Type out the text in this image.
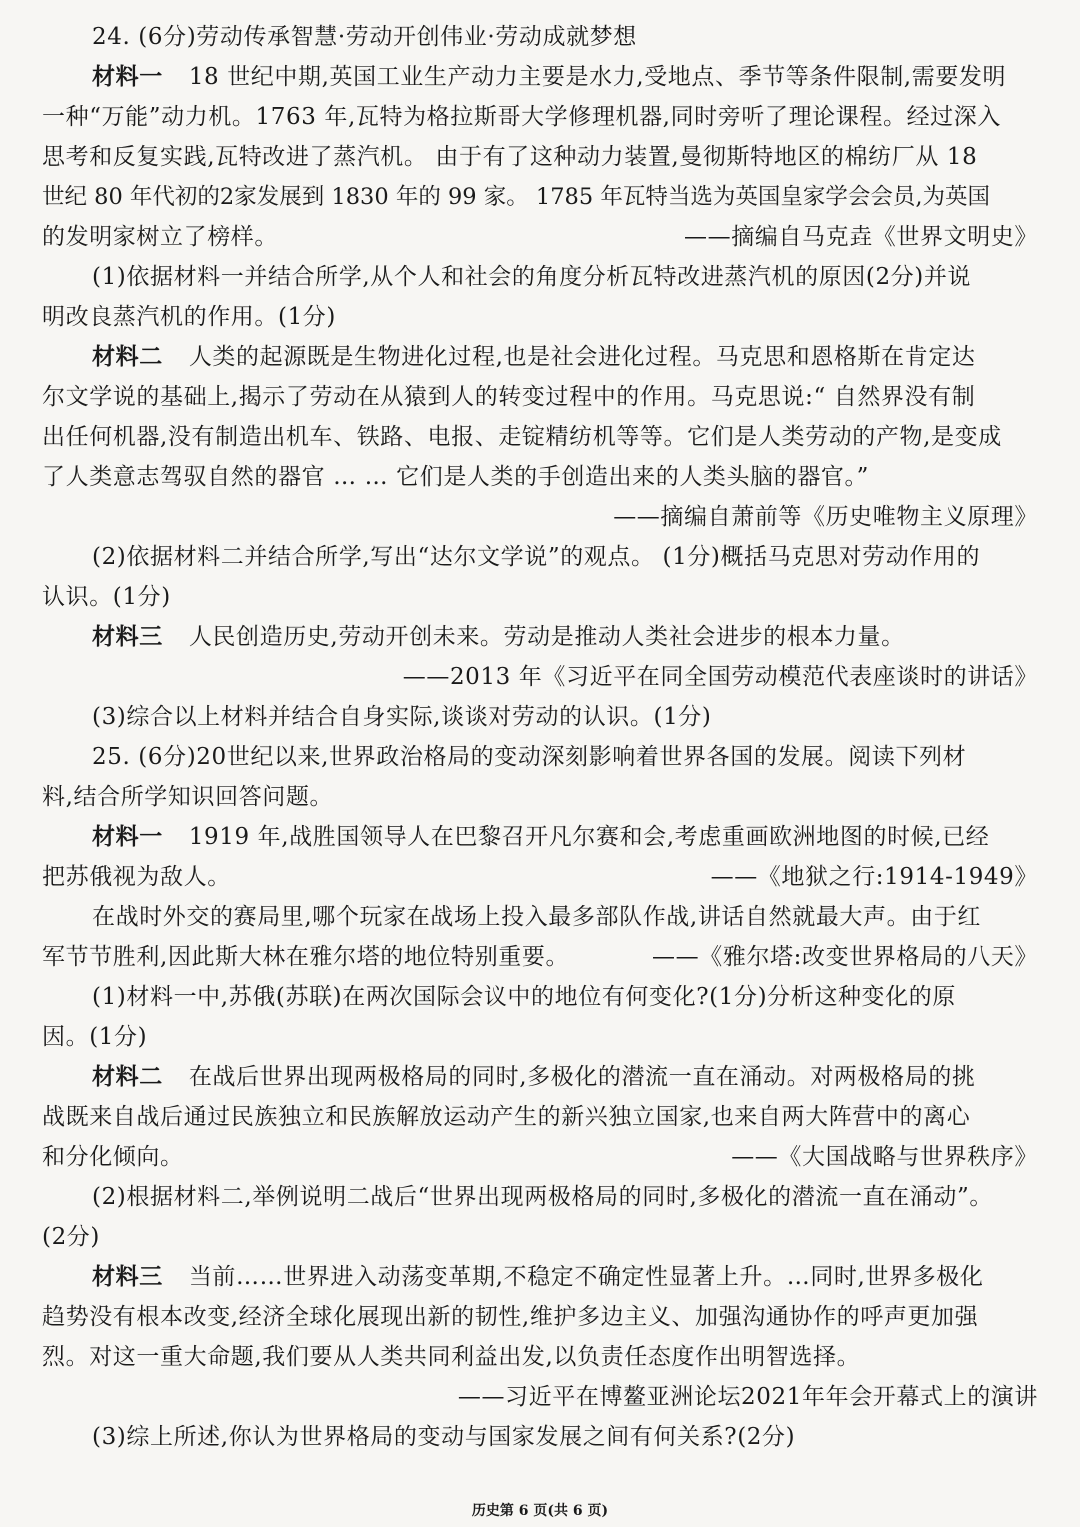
24. (6分)劳动传承智慧·劳动开创伟业·劳动成就梦想
材料一 18 世纪中期,英国工业生产动力主要是水力,受地点、季节等条件限制,需要发明
一种“万能”动力机。1763 年,瓦特为格拉斯哥大学修理机器,同时旁听了理论课程。经过深入
思考和反复实践,瓦特改进了蒸汽机。 由于有了这种动力装置,曼彻斯特地区的棉纺厂从 18
世纪 80 年代初的2家发展到 1830 年的 99 家。 1785 年瓦特当选为英国皇家学会会员,为英国
的发明家树立了榜样。	——摘编自马克垚《世界文明史》
(1)依据材料一并结合所学,从个人和社会的角度分析瓦特改进蒸汽机的原因(2分)并说
明改良蒸汽机的作用。(1分)
材料二 人类的起源既是生物进化过程,也是社会进化过程。马克思和恩格斯在肯定达
尔文学说的基础上,揭示了劳动在从猿到人的转变过程中的作用。马克思说:“ 自然界没有制
出任何机器,没有制造出机车、铁路、电报、走锭精纺机等等。它们是人类劳动的产物,是变成
了人类意志驾驭自然的器官 … … 它们是人类的手创造出来的人类头脑的器官。”
——摘编自萧前等《历史唯物主义原理》
(2)依据材料二并结合所学,写出“达尔文学说”的观点。 (1分)概括马克思对劳动作用的
认识。(1分)
材料三 人民创造历史,劳动开创未来。劳动是推动人类社会进步的根本力量。
——2013 年《习近平在同全国劳动模范代表座谈时的讲话》
(3)综合以上材料并结合自身实际,谈谈对劳动的认识。(1分)
25. (6分)20世纪以来,世界政治格局的变动深刻影响着世界各国的发展。阅读下列材
料,结合所学知识回答问题。
材料一 1919 年,战胜国领导人在巴黎召开凡尔赛和会,考虑重画欧洲地图的时候,已经
把苏俄视为敌人。	——《地狱之行:1914-1949》
在战时外交的赛局里,哪个玩家在战场上投入最多部队作战,讲话自然就最大声。由于红
军节节胜利,因此斯大林在雅尔塔的地位特别重要。	——《雅尔塔:改变世界格局的八天》
(1)材料一中,苏俄(苏联)在两次国际会议中的地位有何变化?(1分)分析这种变化的原
因。(1分)
材料二 在战后世界出现两极格局的同时,多极化的潜流一直在涌动。对两极格局的挑
战既来自战后通过民族独立和民族解放运动产生的新兴独立国家,也来自两大阵营中的离心
和分化倾向。	——《大国战略与世界秩序》
(2)根据材料二,举例说明二战后“世界出现两极格局的同时,多极化的潜流一直在涌动”。
(2分)
材料三 当前……世界进入动荡变革期,不稳定不确定性显著上升。…同时,世界多极化
趋势没有根本改变,经济全球化展现出新的韧性,维护多边主义、加强沟通协作的呼声更加强
烈。对这一重大命题,我们要从人类共同利益出发,以负责任态度作出明智选择。
——习近平在博鳌亚洲论坛2021年年会开幕式上的演讲
(3)综上所述,你认为世界格局的变动与国家发展之间有何关系?(2分)
历史第 6 页(共 6 页)
